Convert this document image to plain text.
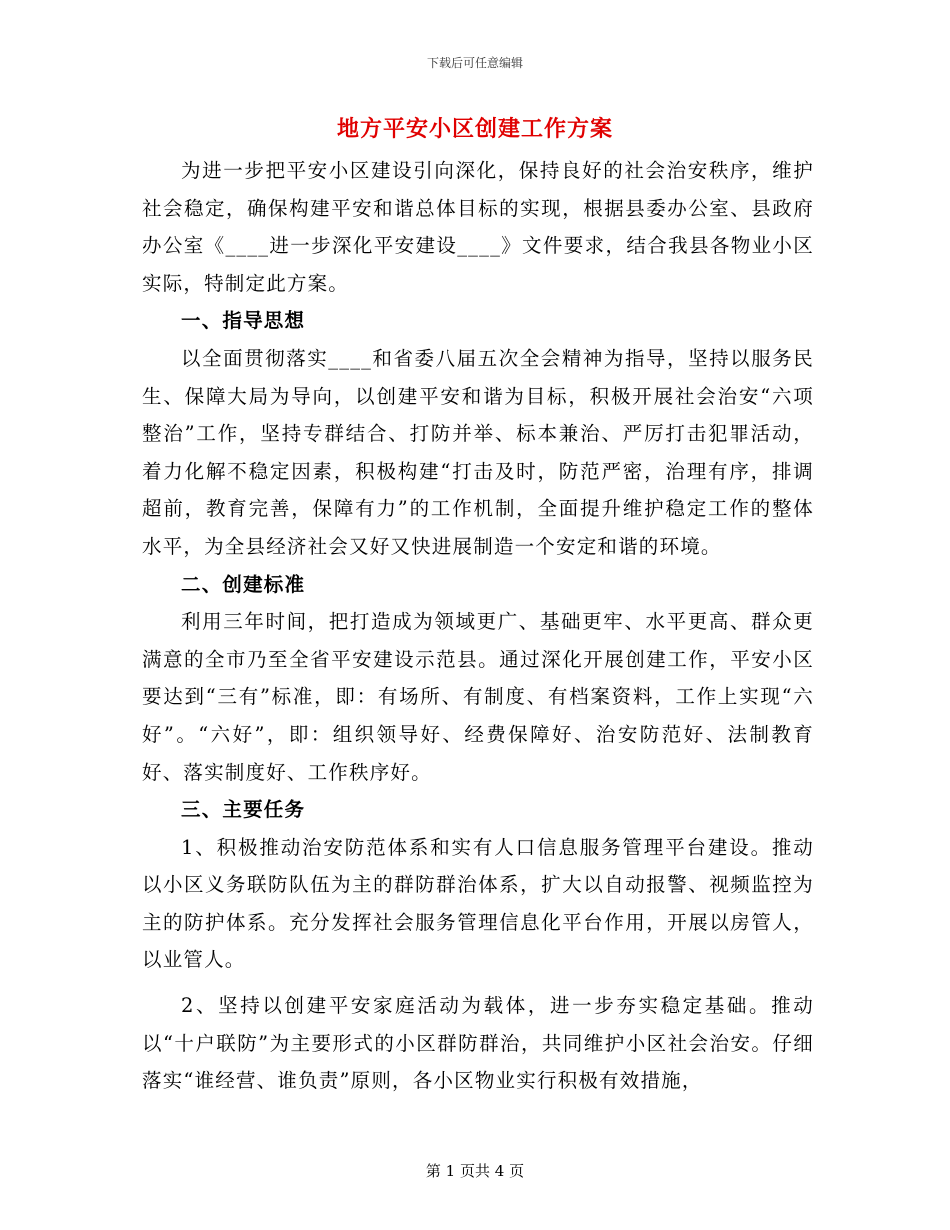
下载后可任意编辑
地方平安小区创建工作方案

为进一步把平安小区建设引向深化，保持良好的社会治安秩序，维护社会稳定，确保构建平安和谐总体目标的实现，根据县委办公室、县政府办公室《____进一步深化平安建设____》文件要求，结合我县各物业小区实际，特制定此方案。

一、指导思想

以全面贯彻落实____和省委八届五次全会精神为指导，坚持以服务民生、保障大局为导向，以创建平安和谐为目标，积极开展社会治安“六项整治”工作，坚持专群结合、打防并举、标本兼治、严厉打击犯罪活动，着力化解不稳定因素，积极构建“打击及时，防范严密，治理有序，排调超前，教育完善，保障有力”的工作机制，全面提升维护稳定工作的整体水平，为全县经济社会又好又快进展制造一个安定和谐的环境。

二、创建标准

利用三年时间，把打造成为领域更广、基础更牢、水平更高、群众更满意的全市乃至全省平安建设示范县。通过深化开展创建工作，平安小区要达到“三有”标准，即：有场所、有制度、有档案资料，工作上实现“六好”。“六好”，即：组织领导好、经费保障好、治安防范好、法制教育好、落实制度好、工作秩序好。

三、主要任务

1、积极推动治安防范体系和实有人口信息服务管理平台建设。推动以小区义务联防队伍为主的群防群治体系，扩大以自动报警、视频监控为主的防护体系。充分发挥社会服务管理信息化平台作用，开展以房管人，以业管人。

2、坚持以创建平安家庭活动为载体，进一步夯实稳定基础。推动以“十户联防”为主要形式的小区群防群治，共同维护小区社会治安。仔细落实“谁经营、谁负责”原则，各小区物业实行积极有效措施，

第 1 页共 4 页
